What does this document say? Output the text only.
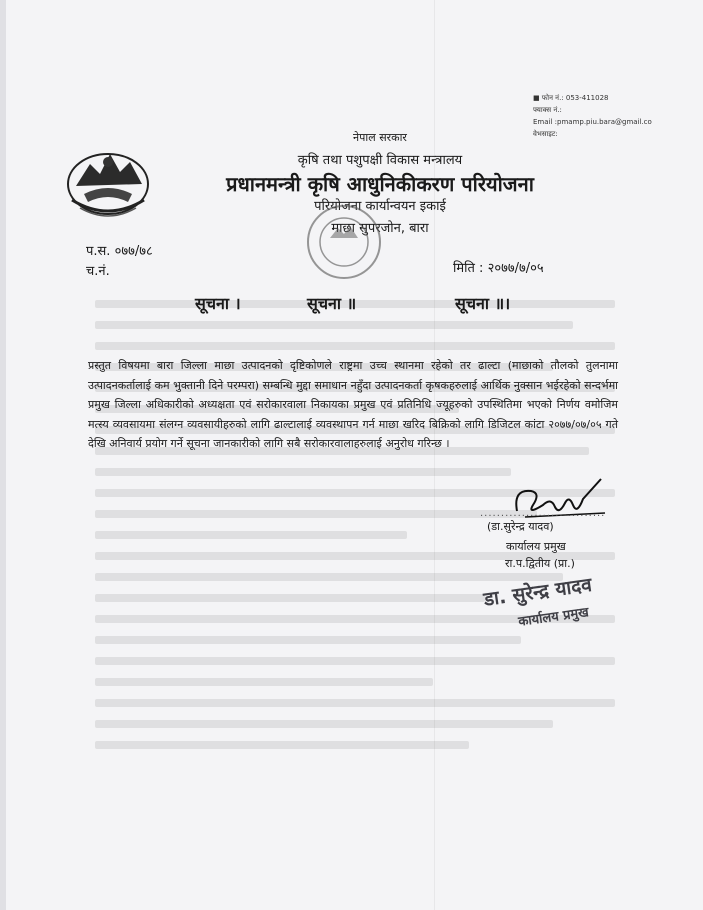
■ फोन नं.: 053-411028
फ्याक्स नं.:
Email :pmamp.piu.bara@gmail.co
वेभसाइट:
नेपाल सरकार
कृषि तथा पशुपक्षी विकास मन्त्रालय
प्रधानमन्त्री कृषि आधुनिकीकरण परियोजना
परियोजना कार्यान्वयन इकाई
माछा सुपरजोन, बारा
प.स. ०७७/७८
च.नं.	मिति : २०७७/७/०५
सूचना ।	सूचना ॥	सूचना ॥।
प्रस्तुत विषयमा बारा जिल्ला माछा उत्पादनको दृष्टिकोणले राष्ट्रमा उच्च स्थानमा रहेको तर ढाल्टा (माछाको तौलको तुलनामा उत्पादनकर्तालाई कम भुक्तानी दिने परम्परा) सम्बन्धि मुद्दा समाधान नहुँदा उत्पादनकर्ता कृषकहरुलाई आर्थिक नुक्सान भईरहेको सन्दर्भमा प्रमुख जिल्ला अधिकारीको अध्यक्षता एवं सरोकारवाला निकायका प्रमुख एवं प्रतिनिधि ज्यूहरुको उपस्थितिमा भएको निर्णय वमोजिम मत्स्य व्यवसायमा संलग्न व्यवसायीहरुको लागि ढाल्टालाई व्यवस्थापन गर्न माछा खरिद बिक्रिको लागि डिजिटल कांटा २०७७/०७/०५ गते देखि अनिवार्य प्रयोग गर्ने सूचना जानकारीको लागि सबै सरोकारवालाहरुलाई अनुरोध गरिन्छ ।
..............................
(डा.सुरेन्द्र यादव)
कार्यालय प्रमुख
रा.प.द्वितीय (प्रा.)
डा. सुरेन्द्र यादव
कार्यालय प्रमुख
